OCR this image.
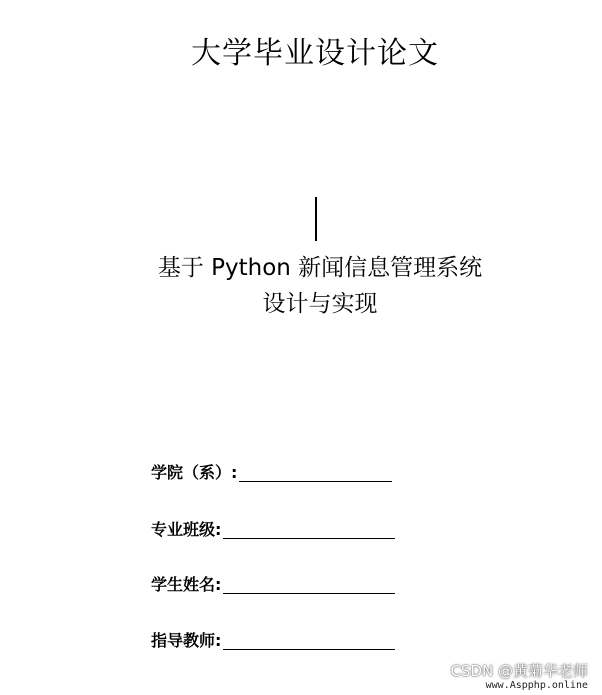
大学毕业设计论文
基于 Python 新闻信息管理系统
设计与实现
学院（系）:
专业班级:
学生姓名:
指导教师:
CSDN @黄菊华老师
www.Aspphp.online
